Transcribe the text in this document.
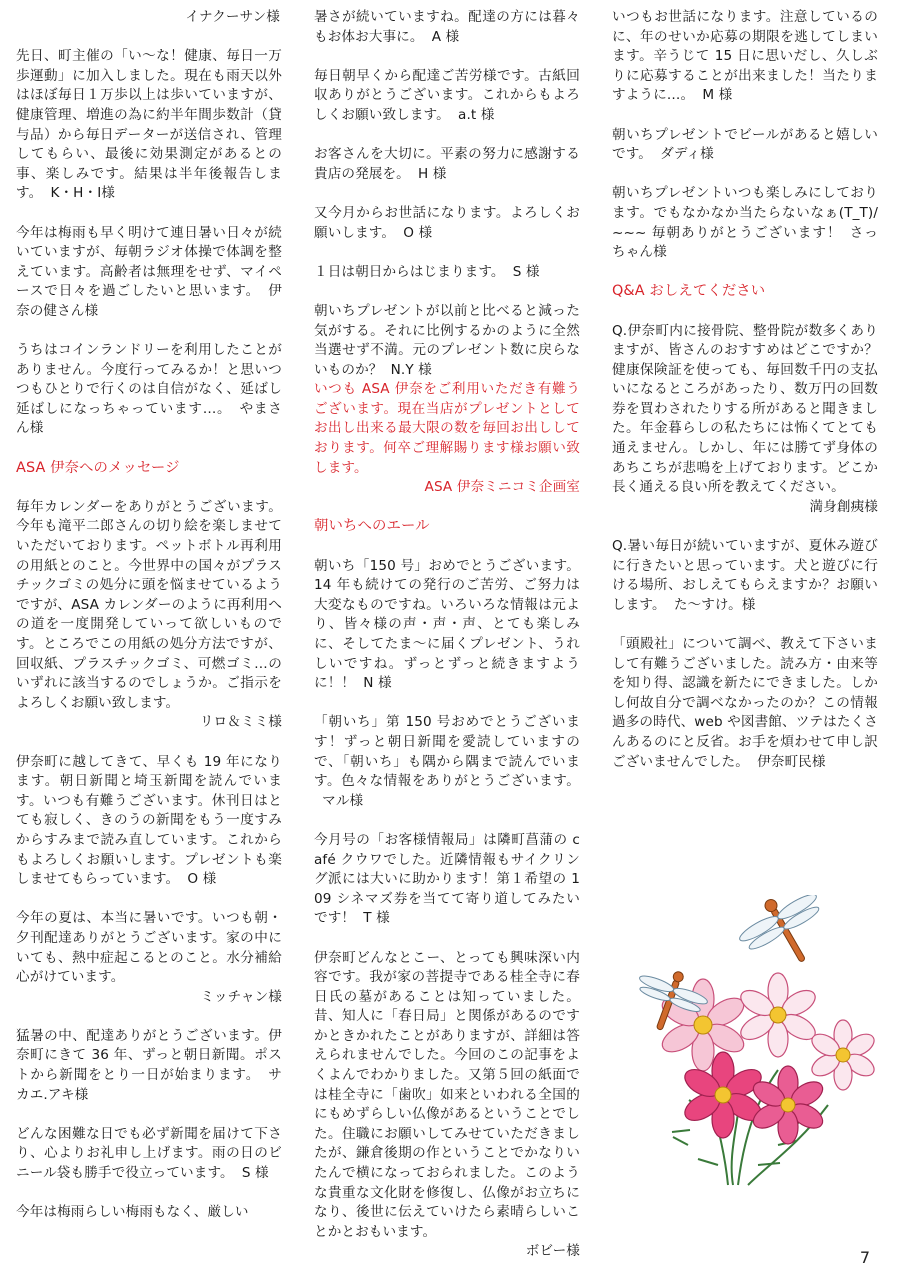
イナクーサン様

先日、町主催の「い～な！健康、毎日一万歩運動」に加入しました。現在も雨天以外はほぼ毎日１万歩以上は歩いていますが、健康管理、増進の為に約半年間歩数計（貸与品）から毎日データーが送信され、管理してもらい、最後に効果測定があるとの事、楽しみです。結果は半年後報告します。 K・H・I様

今年は梅雨も早く明けて連日暑い日々が続いていますが、毎朝ラジオ体操で体調を整えています。高齢者は無理をせず、マイペースで日々を過ごしたいと思います。 伊奈の健さん様

うちはコインランドリーを利用したことがありません。今度行ってみるか！と思いつつもひとりで行くのは自信がなく、延ばし延ばしになっちゃっています…。 やまさん様

ASA 伊奈へのメッセージ

毎年カレンダーをありがとうございます。今年も滝平二郎さんの切り絵を楽しませていただいております。ペットボトル再利用の用紙とのこと。今世界中の国々がプラスチックゴミの処分に頭を悩ませているようですが、ASA カレンダーのように再利用への道を一度開発していって欲しいものです。ところでこの用紙の処分方法ですが、回収紙、プラスチックゴミ、可燃ゴミ…のいずれに該当するのでしょうか。ご指示をよろしくお願い致します。
リロ＆ミミ様

伊奈町に越してきて、早くも 19 年になります。朝日新聞と埼玉新聞を読んでいます。いつも有難うございます。休刊日はとても寂しく、きのうの新聞をもう一度すみからすみまで読み直しています。これからもよろしくお願いします。プレゼントも楽しませてもらっています。 O 様

今年の夏は、本当に暑いです。いつも朝・夕刊配達ありがとうございます。家の中にいても、熱中症起こるとのこと。水分補給心がけています。
ミッチャン様

猛暑の中、配達ありがとうございます。伊奈町にきて 36 年、ずっと朝日新聞。ポストから新聞をとり一日が始まります。 サカエ.アキ様

どんな困難な日でも必ず新聞を届けて下さり、心よりお礼申し上げます。雨の日のビニール袋も勝手で役立っています。 S 様

今年は梅雨らしい梅雨もなく、厳しい

暑さが続いていますね。配達の方には暮々もお体お大事に。 A 様

毎日朝早くから配達ご苦労様です。古紙回収ありがとうございます。これからもよろしくお願い致します。 a.t 様

お客さんを大切に。平素の努力に感謝する貴店の発展を。 H 様

又今月からお世話になります。よろしくお願いします。 O 様

１日は朝日からはじまります。 S 様

朝いちプレゼントが以前と比べると減った気がする。それに比例するかのように全然当選せず不満。元のプレゼント数に戻らないものか？ N.Y 様

いつも ASA 伊奈をご利用いただき有難うございます。現在当店がプレゼントとしてお出し出来る最大限の数を毎回お出ししております。何卒ご理解賜ります様お願い致します。
ASA 伊奈ミニコミ企画室

朝いちへのエール

朝いち「150 号」おめでとうございます。14 年も続けての発行のご苦労、ご努力は大変なものですね。いろいろな情報は元より、皆々様の声・声・声、とても楽しみに、そしてたま～に届くプレゼント、うれしいですね。ずっとずっと続きますように！！ N 様

「朝いち」第 150 号おめでとうございます！ずっと朝日新聞を愛読していますので、「朝いち」も隅から隅まで読んでいます。色々な情報をありがとうございます。マル様

今月号の「お客様情報局」は隣町菖蒲の café クウワでした。近隣情報もサイクリング派には大いに助かります！第１希望の 109 シネマズ券を当てて寄り道してみたいです！ T 様

伊奈町どんなとこー、とっても興味深い内容です。我が家の菩提寺である桂全寺に春日氏の墓があることは知っていました。昔、知人に「春日局」と関係があるのですかときかれたことがありますが、詳細は答えられませんでした。今回のこの記事をよくよんでわかりました。又第５回の紙面では桂全寺に「歯吹」如来といわれる全国的にもめずらしい仏像があるということでした。住職にお願いしてみせていただきましたが、鎌倉後期の作ということでかなりいたんで横になっておられました。このような貴重な文化財を修復し、仏像がお立ちになり、後世に伝えていけたら素晴らしいことかとおもいます。
ボビー様

いつもお世話になります。注意しているのに、年のせいか応募の期限を逃してしまいます。辛うじて 15 日に思いだし、久しぶりに応募することが出来ました！当たりますように…。 M 様

朝いちプレゼントでビールがあると嬉しいです。 ダディ様

朝いちプレゼントいつも楽しみにしております。でもなかなか当たらないなぁ(T_T)/~~~ 毎朝ありがとうございます！ さっちゃん様

Q&A おしえてください

Q.伊奈町内に接骨院、整骨院が数多くありますが、皆さんのおすすめはどこですか？健康保険証を使っても、毎回数千円の支払いになるところがあったり、数万円の回数券を買わされたりする所があると聞きました。年金暮らしの私たちには怖くてとても通えません。しかし、年には勝てず身体のあちこちが悲鳴を上げております。どこか長く通える良い所を教えてください。
満身創痍様

Q.暑い毎日が続いていますが、夏休み遊びに行きたいと思っています。犬と遊びに行ける場所、おしえてもらえますか？お願いします。 た～すけ。様

「頭殿社」について調べ、教えて下さいまして有難うございました。読み方・由来等を知り得、認識を新たにできました。しかし何故自分で調べなかったのか？この情報過多の時代、web や図書館、ツテはたくさんあるのにと反省。お手を煩わせて申し訳ございませんでした。 伊奈町民様

7
